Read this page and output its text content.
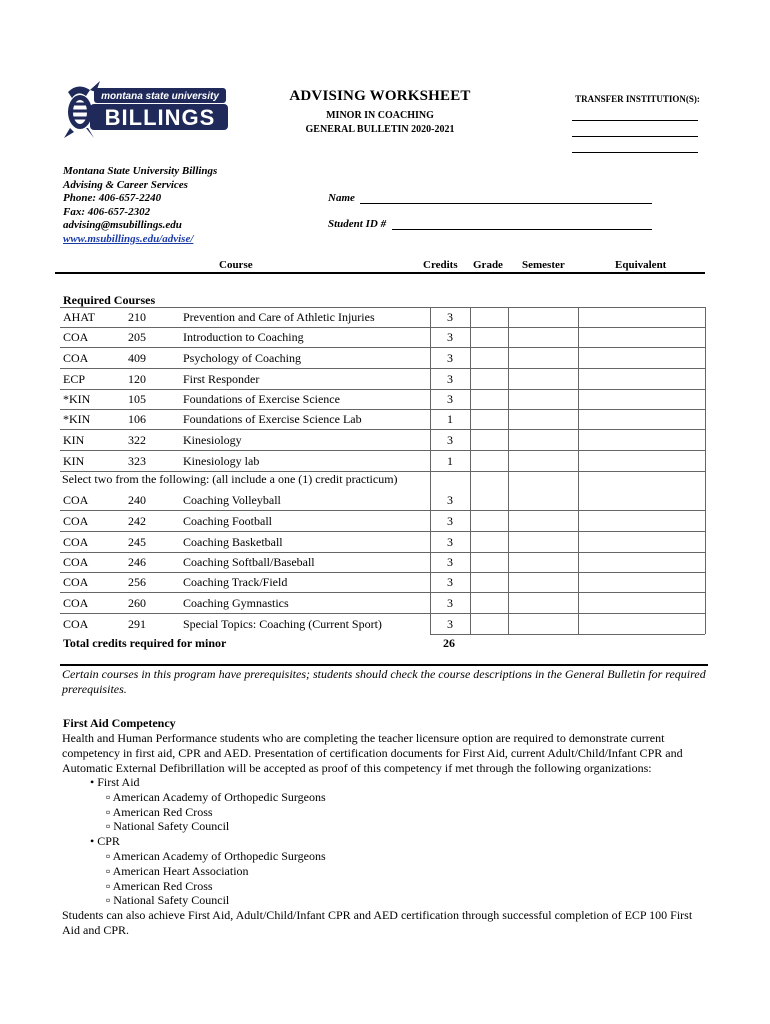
montana state university
BILLINGS
ADVISING WORKSHEET
MINOR IN COACHING
GENERAL BULLETIN 2020-2021
TRANSFER INSTITUTION(S):
Montana State University Billings
Advising & Career Services
Phone: 406-657-2240
Fax: 406-657-2302
advising@msubillings.edu
www.msubillings.edu/advise/
Name
Student ID #
Course	Credits Grade Semester	Equivalent
Required Courses
AHAT	210	Prevention and Care of Athletic Injuries	3
COA	205	Introduction to Coaching	3
COA	409	Psychology of Coaching	3
ECP	120	First Responder	3
*KIN	105	Foundations of Exercise Science	3
*KIN	106	Foundations of Exercise Science Lab	1
KIN	322	Kinesiology	3
KIN	323	Kinesiology lab	1
Select two from the following: (all include a one (1) credit practicum)
COA	240	Coaching Volleyball	3
COA	242	Coaching Football	3
COA	245	Coaching Basketball	3
COA	246	Coaching Softball/Baseball	3
COA	256	Coaching Track/Field	3
COA	260	Coaching Gymnastics	3
COA	291	Special Topics: Coaching (Current Sport)	3
Total credits required for minor	26
Certain courses in this program have prerequisites; students should check the course descriptions in the General Bulletin for required prerequisites.
First Aid Competency
Health and Human Performance students who are completing the teacher licensure option are required to demonstrate current competency in first aid, CPR and AED. Presentation of certification documents for First Aid, current Adult/Child/Infant CPR and Automatic External Defibrillation will be accepted as proof of this competency if met through the following organizations:
• First Aid
▫ American Academy of Orthopedic Surgeons
▫ American Red Cross
▫ National Safety Council
• CPR
▫ American Academy of Orthopedic Surgeons
▫ American Heart Association
▫ American Red Cross
▫ National Safety Council
Students can also achieve First Aid, Adult/Child/Infant CPR and AED certification through successful completion of ECP 100 First Aid and CPR.
